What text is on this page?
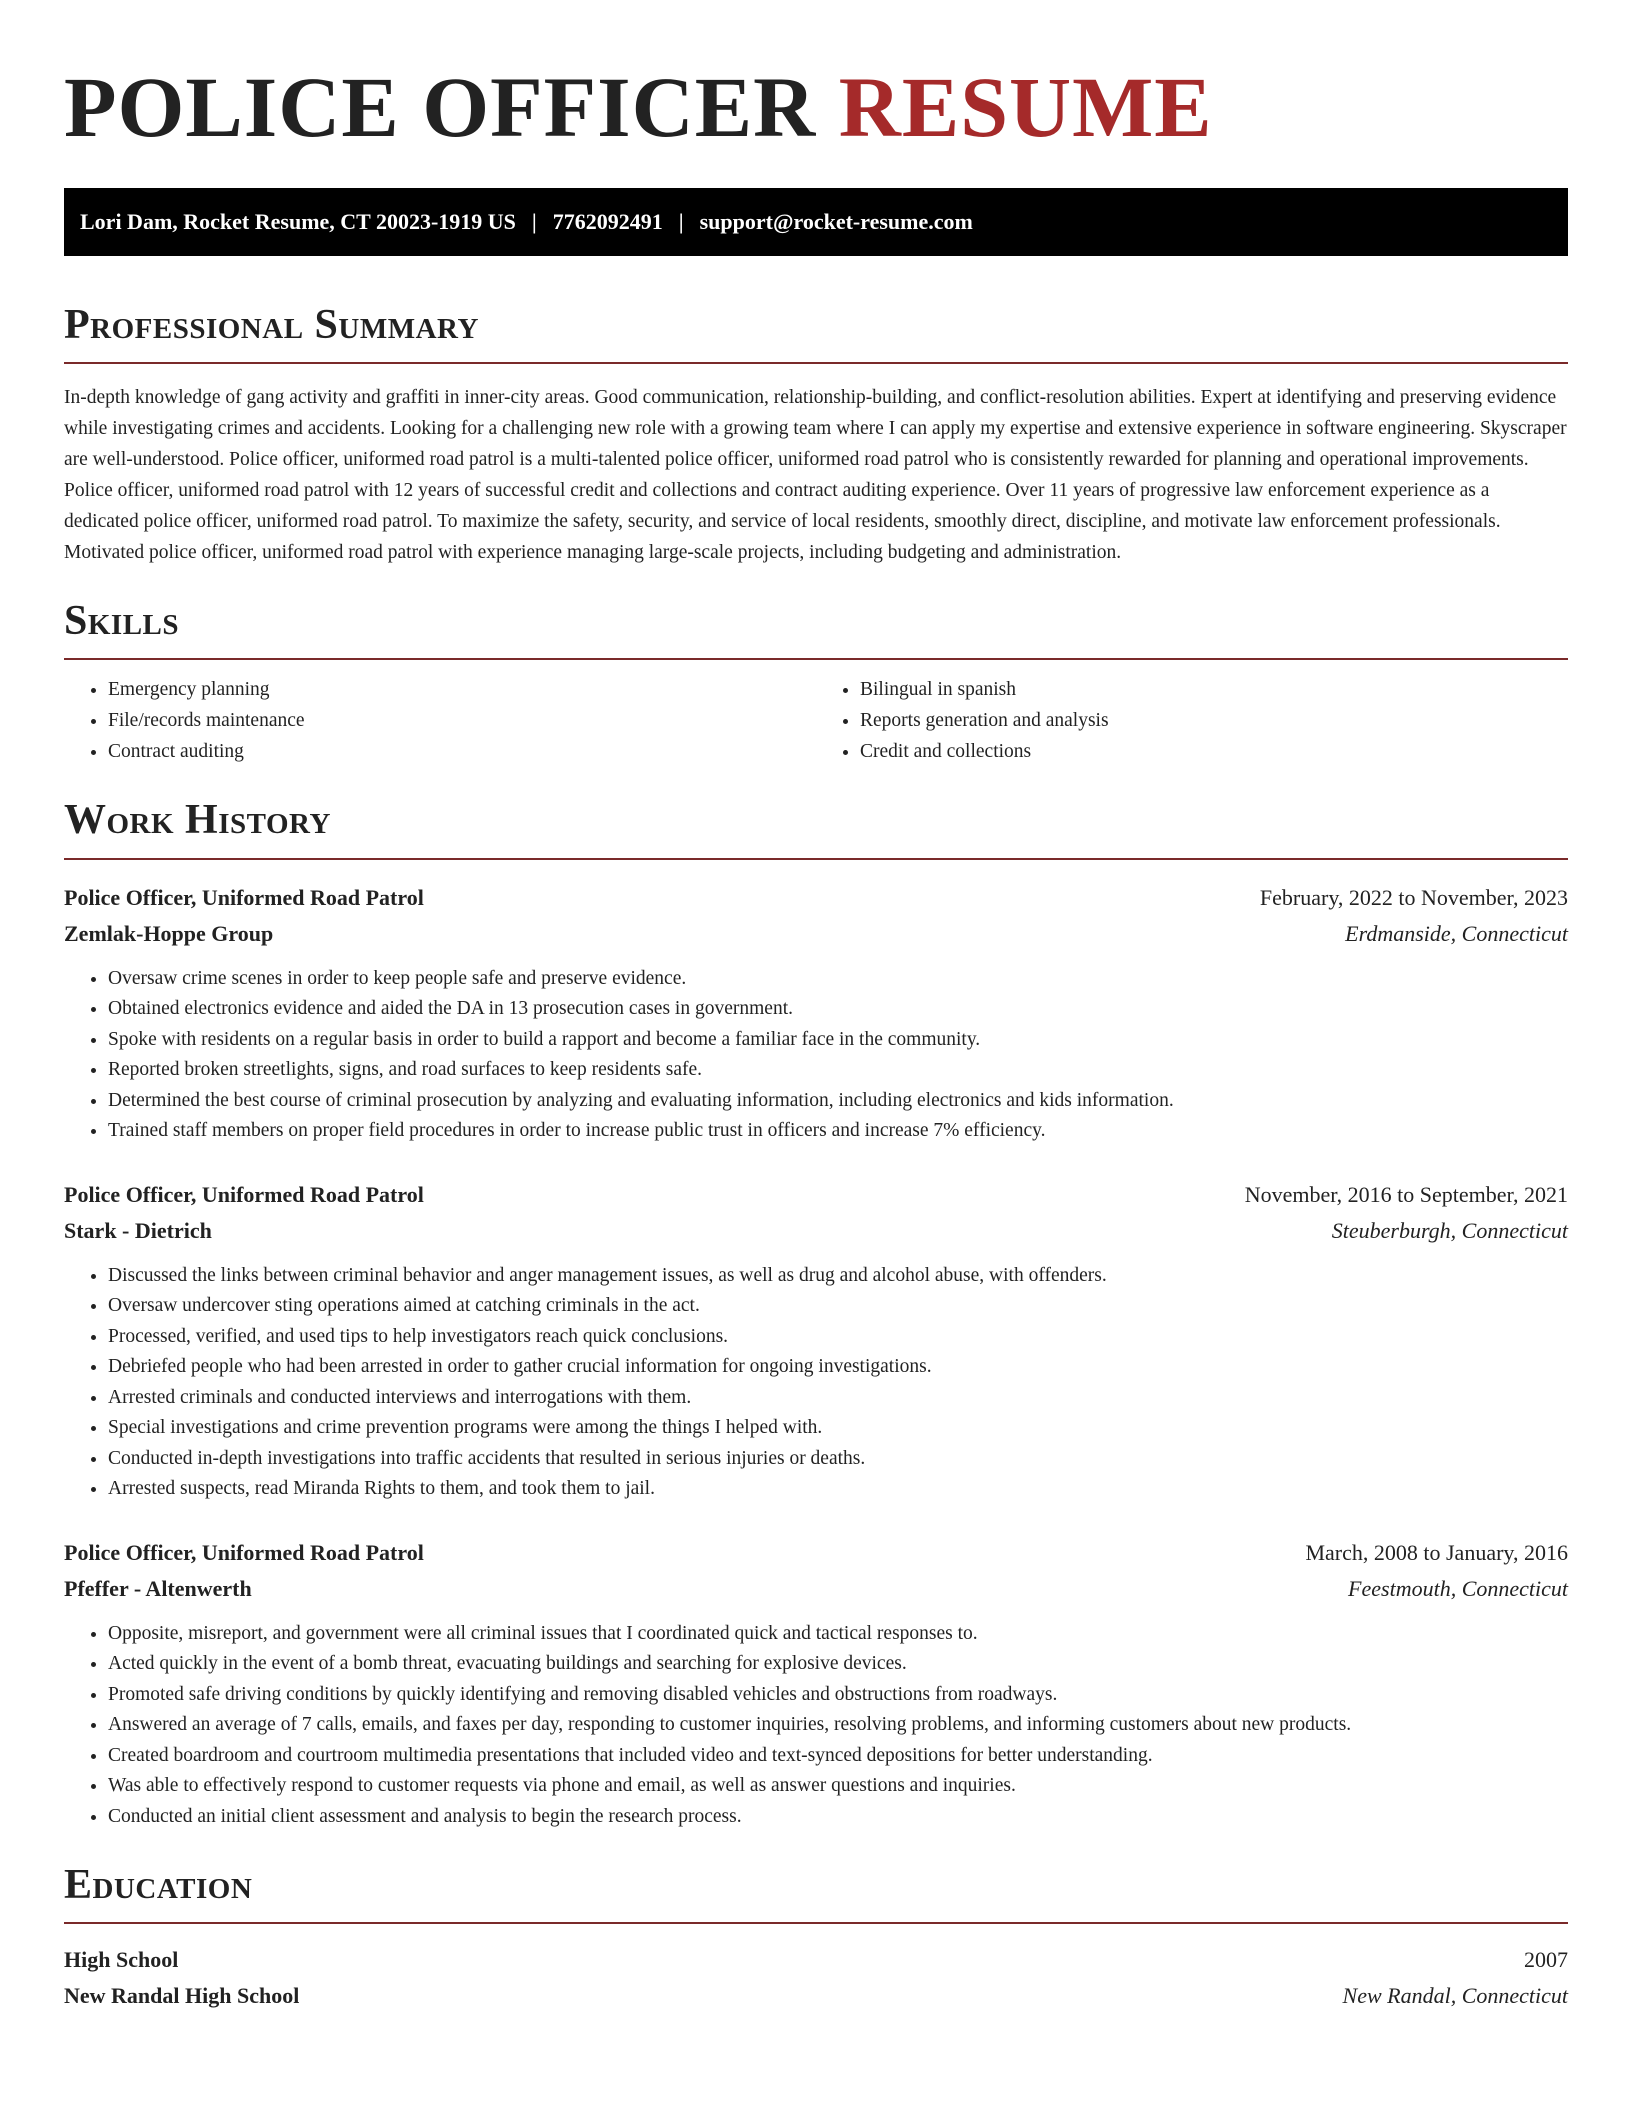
POLICE OFFICER RESUME
Lori Dam, Rocket Resume, CT 20023-1919 US | 7762092491 | support@rocket-resume.com
Professional Summary

In-depth knowledge of gang activity and graffiti in inner-city areas. Good communication, relationship-building, and conflict-resolution abilities. Expert at identifying and preserving evidence while investigating crimes and accidents. Looking for a challenging new role with a growing team where I can apply my expertise and extensive experience in software engineering. Skyscraper are well-understood. Police officer, uniformed road patrol is a multi-talented police officer, uniformed road patrol who is consistently rewarded for planning and operational improvements. Police officer, uniformed road patrol with 12 years of successful credit and collections and contract auditing experience. Over 11 years of progressive law enforcement experience as a dedicated police officer, uniformed road patrol. To maximize the safety, security, and service of local residents, smoothly direct, discipline, and motivate law enforcement professionals. Motivated police officer, uniformed road patrol with experience managing large-scale projects, including budgeting and administration.

Skills
• Emergency planning
• File/records maintenance
• Contract auditing
• Bilingual in spanish
• Reports generation and analysis
• Credit and collections
Work History
Police Officer, Uniformed Road Patrol	February, 2022 to November, 2023
Zemlak-Hoppe Group	Erdmanside, Connecticut
• Oversaw crime scenes in order to keep people safe and preserve evidence.
• Obtained electronics evidence and aided the DA in 13 prosecution cases in government.
• Spoke with residents on a regular basis in order to build a rapport and become a familiar face in the community.
• Reported broken streetlights, signs, and road surfaces to keep residents safe.
• Determined the best course of criminal prosecution by analyzing and evaluating information, including electronics and kids information.
• Trained staff members on proper field procedures in order to increase public trust in officers and increase 7% efficiency.
Police Officer, Uniformed Road Patrol	November, 2016 to September, 2021
Stark - Dietrich	Steuberburgh, Connecticut
• Discussed the links between criminal behavior and anger management issues, as well as drug and alcohol abuse, with offenders.
• Oversaw undercover sting operations aimed at catching criminals in the act.
• Processed, verified, and used tips to help investigators reach quick conclusions.
• Debriefed people who had been arrested in order to gather crucial information for ongoing investigations.
• Arrested criminals and conducted interviews and interrogations with them.
• Special investigations and crime prevention programs were among the things I helped with.
• Conducted in-depth investigations into traffic accidents that resulted in serious injuries or deaths.
• Arrested suspects, read Miranda Rights to them, and took them to jail.
Police Officer, Uniformed Road Patrol	March, 2008 to January, 2016
Pfeffer - Altenwerth	Feestmouth, Connecticut
• Opposite, misreport, and government were all criminal issues that I coordinated quick and tactical responses to.
• Acted quickly in the event of a bomb threat, evacuating buildings and searching for explosive devices.
• Promoted safe driving conditions by quickly identifying and removing disabled vehicles and obstructions from roadways.
• Answered an average of 7 calls, emails, and faxes per day, responding to customer inquiries, resolving problems, and informing customers about new products.
• Created boardroom and courtroom multimedia presentations that included video and text-synced depositions for better understanding.
• Was able to effectively respond to customer requests via phone and email, as well as answer questions and inquiries.
• Conducted an initial client assessment and analysis to begin the research process.
Education
High School	2007
New Randal High School	New Randal, Connecticut
